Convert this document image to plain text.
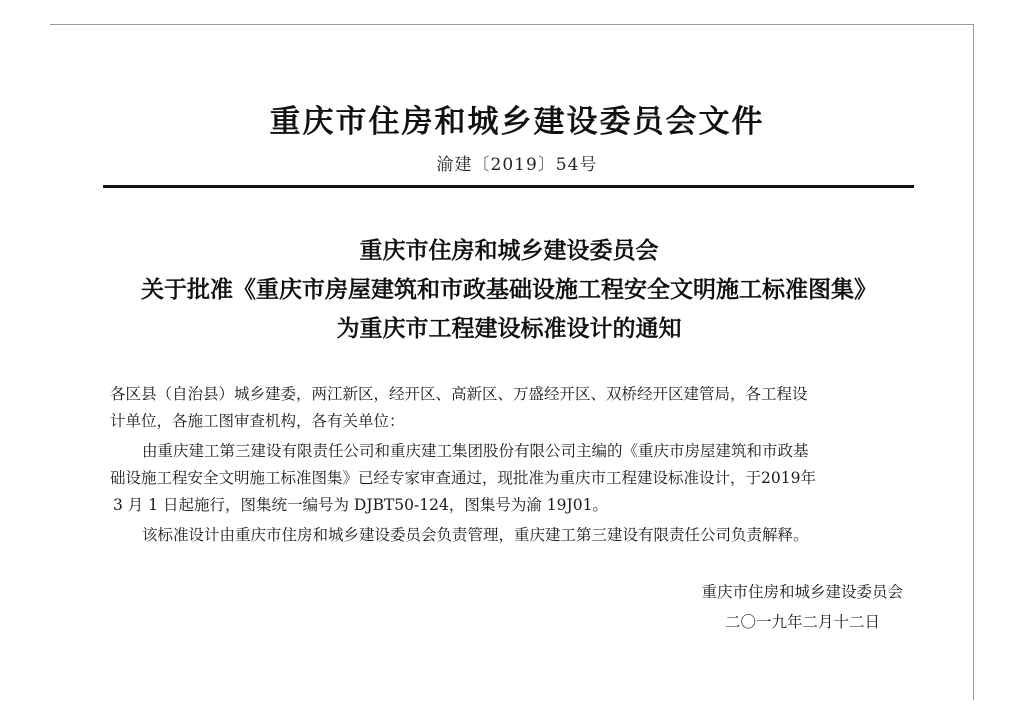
重庆市住房和城乡建设委员会文件
渝建〔2019〕54号
重庆市住房和城乡建设委员会
关于批准《重庆市房屋建筑和市政基础设施工程安全文明施工标准图集》
为重庆市工程建设标准设计的通知
各区县（自治县）城乡建委，两江新区，经开区、高新区、万盛经开区、双桥经开区建管局，各工程设
计单位，各施工图审查机构，各有关单位：
由重庆建工第三建设有限责任公司和重庆建工集团股份有限公司主编的《重庆市房屋建筑和市政基
础设施工程安全文明施工标准图集》已经专家审查通过，现批准为重庆市工程建设标准设计，于2019年
3 月 1 日起施行，图集统一编号为 DJBT50-124，图集号为渝 19J01。
该标准设计由重庆市住房和城乡建设委员会负责管理，重庆建工第三建设有限责任公司负责解释。
重庆市住房和城乡建设委员会
二〇一九年二月十二日
